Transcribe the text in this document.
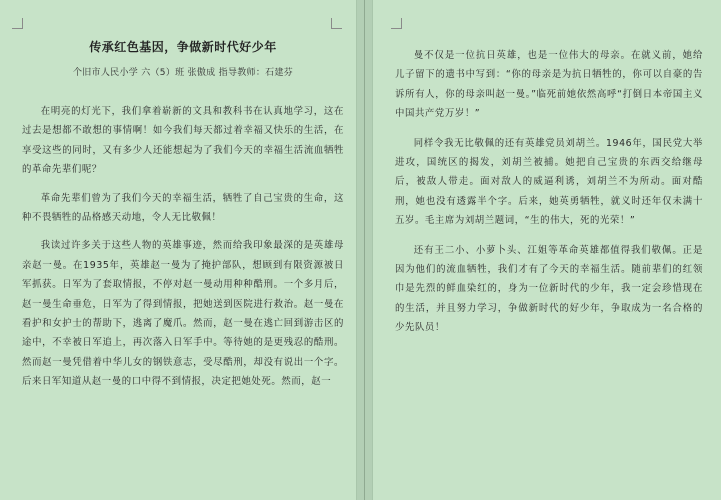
传承红色基因，争做新时代好少年
个旧市人民小学 六（5）班 张傲成 指导教师：石建芬

在明亮的灯光下，我们拿着崭新的文具和教科书在认真地学习，这在过去是想都不敢想的事情啊！如今我们每天都过着幸福又快乐的生活，在享受这些的同时，又有多少人还能想起为了我们今天的幸福生活流血牺牲的革命先辈们呢？

革命先辈们曾为了我们今天的幸福生活，牺牲了自己宝贵的生命，这种不畏牺牲的品格感天动地，令人无比敬佩！

我读过许多关于这些人物的英雄事迹，然而给我印象最深的是英雄母亲赵一曼。在1935年，英雄赵一曼为了掩护部队，想顾到有限资源被日军抓获。日军为了套取情报，不停对赵一曼动用种种酷刑。一个多月后，赵一曼生命垂危，日军为了得到情报，把她送到医院进行救治。赵一曼在看护和女护士的帮助下，逃离了魔爪。然而，赵一曼在逃亡回到游击区的途中，不幸被日军追上，再次落入日军手中。等待她的是更残忍的酷刑。然而赵一曼凭借着中华儿女的钢铁意志，受尽酷刑，却没有说出一个字。后来日军知道从赵一曼的口中得不到情报，决定把她处死。然而，赵一

曼不仅是一位抗日英雄，也是一位伟大的母亲。在就义前，她给儿子留下的遗书中写到：“你的母亲是为抗日牺牲的，你可以自豪的告诉所有人，你的母亲叫赵一曼。”临死前她依然高呼“打倒日本帝国主义中国共产党万岁！”

同样令我无比敬佩的还有英雄党员刘胡兰。1946年，国民党大举进攻，国统区的揭发，刘胡兰被捕。她把自己宝贵的东西交给继母后，被敌人带走。面对敌人的威逼利诱，刘胡兰不为所动。面对酷刑，她也没有透露半个字。后来，她英勇牺牲，就义时还年仅未满十五岁。毛主席为刘胡兰题词，“生的伟大，死的光荣！”

还有王二小、小萝卜头、江姐等革命英雄都值得我们敬佩。正是因为他们的流血牺牲，我们才有了今天的幸福生活。随前辈们的红领巾是先烈的鲜血染红的，身为一位新时代的少年，我一定会珍惜现在的生活，并且努力学习，争做新时代的好少年，争取成为一名合格的少先队员！
